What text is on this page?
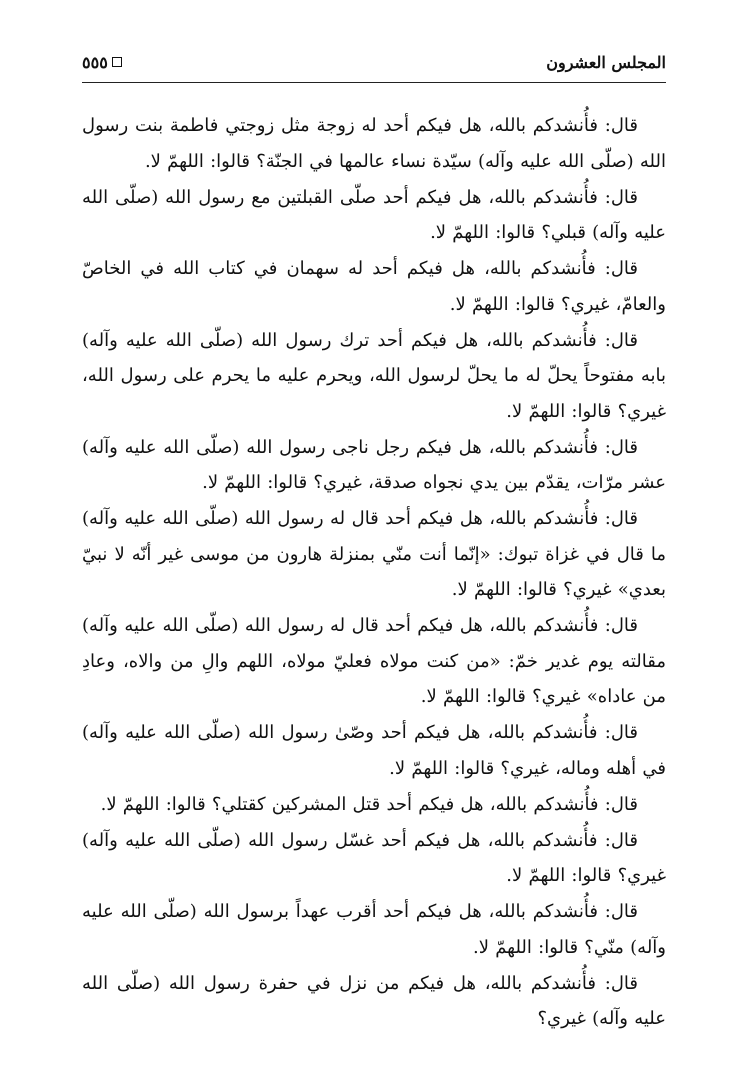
المجلس العشرون
٥٥٥

قال: فأُنشدكم بالله، هل فيكم أحد له زوجة مثل زوجتي فاطمة بنت رسول الله (صلّى الله عليه وآله) سيّدة نساء عالمها في الجنّة؟ قالوا: اللهمّ لا.

قال: فأُنشدكم بالله، هل فيكم أحد صلّى القبلتين مع رسول الله (صلّى الله عليه وآله) قبلي؟ قالوا: اللهمّ لا.

قال: فأُنشدكم بالله، هل فيكم أحد له سهمان في كتاب الله في الخاصّ والعامّ، غيري؟ قالوا: اللهمّ لا.

قال: فأُنشدكم بالله، هل فيكم أحد ترك رسول الله (صلّى الله عليه وآله) بابه مفتوحاً يحلّ له ما يحلّ لرسول الله، ويحرم عليه ما يحرم على رسول الله، غيري؟ قالوا: اللهمّ لا.

قال: فأُنشدكم بالله، هل فيكم رجل ناجى رسول الله (صلّى الله عليه وآله) عشر مرّات، يقدّم بين يدي نجواه صدقة، غيري؟ قالوا: اللهمّ لا.

قال: فأُنشدكم بالله، هل فيكم أحد قال له رسول الله (صلّى الله عليه وآله) ما قال في غزاة تبوك: «إنّما أنت منّي بمنزلة هارون من موسى غير أنّه لا نبيّ بعدي» غيري؟ قالوا: اللهمّ لا.

قال: فأُنشدكم بالله، هل فيكم أحد قال له رسول الله (صلّى الله عليه وآله) مقالته يوم غدير خمّ: «من كنت مولاه فعليّ مولاه، اللهم والِ من والاه، وعادِ من عاداه» غيري؟ قالوا: اللهمّ لا.

قال: فأُنشدكم بالله، هل فيكم أحد وصّىٰ رسول الله (صلّى الله عليه وآله) في أهله وماله، غيري؟ قالوا: اللهمّ لا.

قال: فأُنشدكم بالله، هل فيكم أحد قتل المشركين كقتلي؟ قالوا: اللهمّ لا.

قال: فأُنشدكم بالله، هل فيكم أحد غسّل رسول الله (صلّى الله عليه وآله) غيري؟ قالوا: اللهمّ لا.

قال: فأُنشدكم بالله، هل فيكم أحد أقرب عهداً برسول الله (صلّى الله عليه وآله) منّي؟ قالوا: اللهمّ لا.

قال: فأُنشدكم بالله، هل فيكم من نزل في حفرة رسول الله (صلّى الله عليه وآله) غيري؟
